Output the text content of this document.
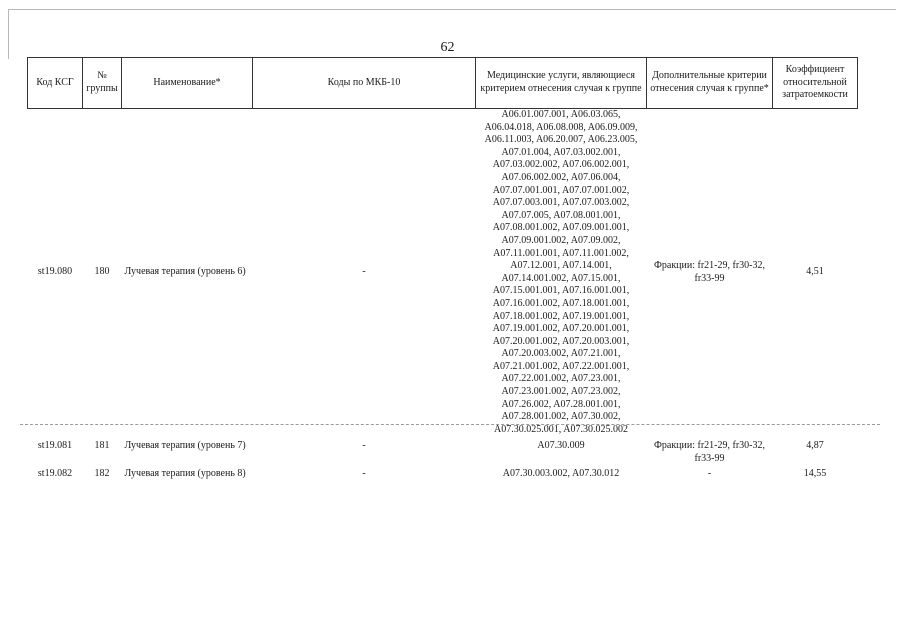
62
Код КСГ	№ группы	Наименование*	Коды по МКБ-10	Медицинские услуги, являющиеся критерием отнесения случая к группе	Дополнительные критерии отнесения случая к группе*	Коэффициент относительной затратоемкости
st19.080	180	Лучевая терапия (уровень 6)	-	A06.01.007.001, A06.03.065, A06.04.018, A06.08.008, A06.09.009, A06.11.003, A06.20.007, A06.23.005, A07.01.004, A07.03.002.001, A07.03.002.002, A07.06.002.001, A07.06.002.002, A07.06.004, A07.07.001.001, A07.07.001.002, A07.07.003.001, A07.07.003.002, A07.07.005, A07.08.001.001, A07.08.001.002, A07.09.001.001, A07.09.001.002, A07.09.002, A07.11.001.001, A07.11.001.002, A07.12.001, A07.14.001, A07.14.001.002, A07.15.001, A07.15.001.001, A07.16.001.001, A07.16.001.002, A07.18.001.001, A07.18.001.002, A07.19.001.001, A07.19.001.002, A07.20.001.001, A07.20.001.002, A07.20.003.001, A07.20.003.002, A07.21.001, A07.21.001.002, A07.22.001.001, A07.22.001.002, A07.23.001, A07.23.001.002, A07.23.002, A07.26.002, A07.28.001.001, A07.28.001.002, A07.30.002, A07.30.025.001, A07.30.025.002	Фракции: fr21-29, fr30-32, fr33-99	4,51
st19.081	181	Лучевая терапия (уровень 7)	-	A07.30.009	Фракции: fr21-29, fr30-32, fr33-99	4,87
st19.082	182	Лучевая терапия (уровень 8)	-	A07.30.003.002, A07.30.012	-	14,55
